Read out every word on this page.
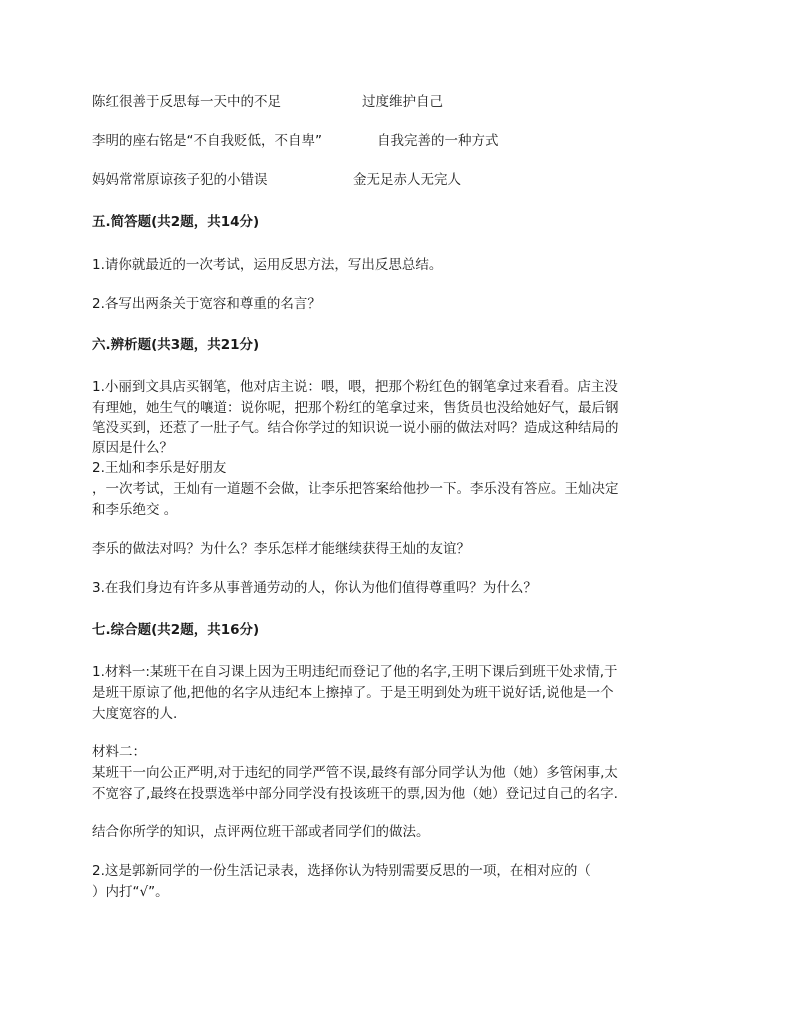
陈红很善于反思每一天中的不足	过度维护自己
李明的座右铭是“不自我贬低，不自卑”	自我完善的一种方式
妈妈常常原谅孩子犯的小错误	金无足赤人无完人
五.简答题(共2题，共14分)
1.请你就最近的一次考试，运用反思方法，写出反思总结。
2.各写出两条关于宽容和尊重的名言？
六.辨析题(共3题，共21分)
1.小丽到文具店买钢笔，他对店主说：喂，喂，把那个粉红色的钢笔拿过来看看。店主没
有理她，她生气的嚷道：说你呢，把那个粉红的笔拿过来，售货员也没给她好气，最后钢
笔没买到，还惹了一肚子气。结合你学过的知识说一说小丽的做法对吗？造成这种结局的
原因是什么？
2.王灿和李乐是好朋友
，一次考试，王灿有一道题不会做，让李乐把答案给他抄一下。李乐没有答应。王灿决定
和李乐绝交 。
李乐的做法对吗？为什么？李乐怎样才能继续获得王灿的友谊？
3.在我们身边有许多从事普通劳动的人，你认为他们值得尊重吗？为什么？
七.综合题(共2题，共16分)
1.材料一:某班干在自习课上因为王明违纪而登记了他的名字,王明下课后到班干处求情,于
是班干原谅了他,把他的名字从违纪本上擦掉了。于是王明到处为班干说好话,说他是一个
大度宽容的人.
材料二：
某班干一向公正严明,对于违纪的同学严管不误,最终有部分同学认为他（她）多管闲事,太
不宽容了,最终在投票选举中部分同学没有投该班干的票,因为他（她）登记过自己的名字.
结合你所学的知识，点评两位班干部或者同学们的做法。
2.这是郭新同学的一份生活记录表，选择你认为特别需要反思的一项，在相对应的（
）内打“√”。
